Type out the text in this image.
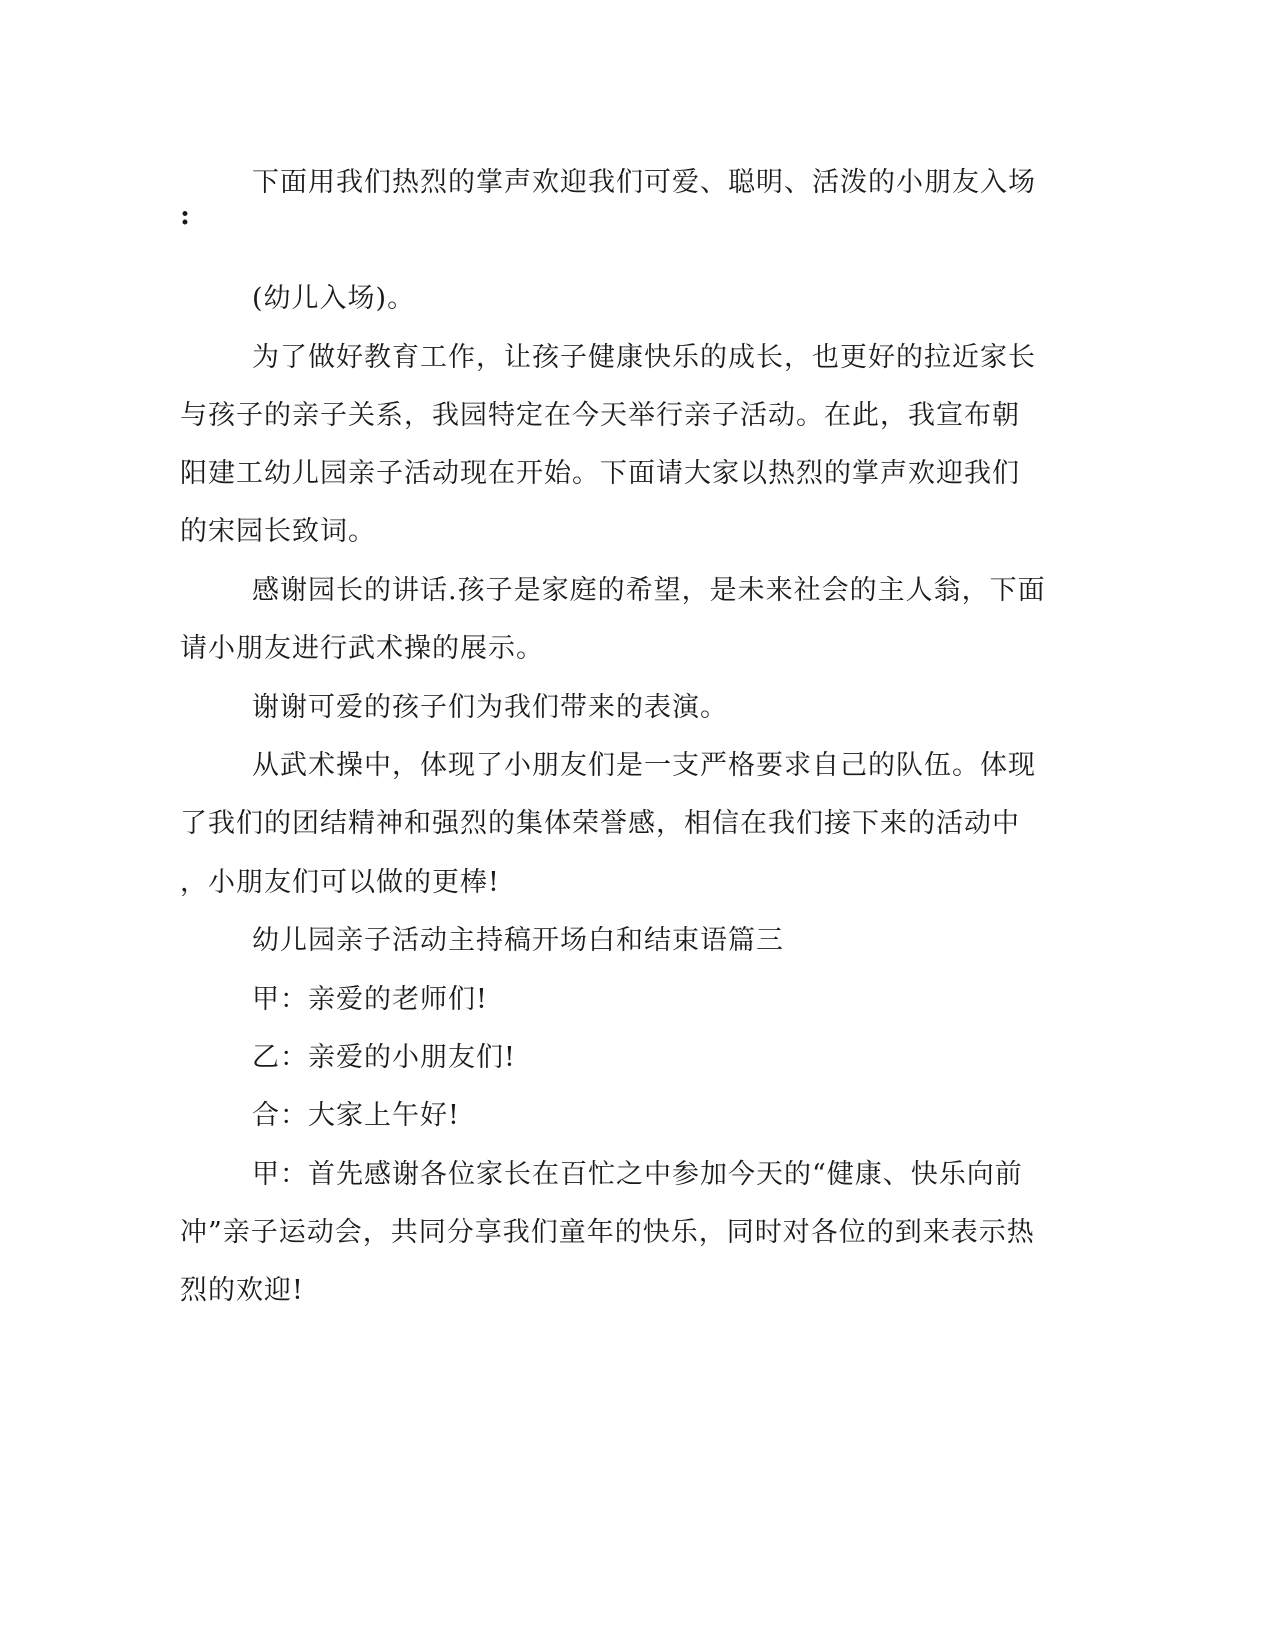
下面用我们热烈的掌声欢迎我们可爱、聪明、活泼的小朋友入场

:

(幼儿入场)。

为了做好教育工作，让孩子健康快乐的成长，也更好的拉近家长

与孩子的亲子关系，我园特定在今天举行亲子活动。在此，我宣布朝

阳建工幼儿园亲子活动现在开始。下面请大家以热烈的掌声欢迎我们

的宋园长致词。

感谢园长的讲话.孩子是家庭的希望，是未来社会的主人翁，下面

请小朋友进行武术操的展示。

谢谢可爱的孩子们为我们带来的表演。

从武术操中，体现了小朋友们是一支严格要求自己的队伍。体现

了我们的团结精神和强烈的集体荣誉感，相信在我们接下来的活动中

，小朋友们可以做的更棒!

幼儿园亲子活动主持稿开场白和结束语篇三

甲：亲爱的老师们!

乙：亲爱的小朋友们!

合：大家上午好!

甲：首先感谢各位家长在百忙之中参加今天的“健康、快乐向前

冲”亲子运动会，共同分享我们童年的快乐，同时对各位的到来表示热

烈的欢迎!
